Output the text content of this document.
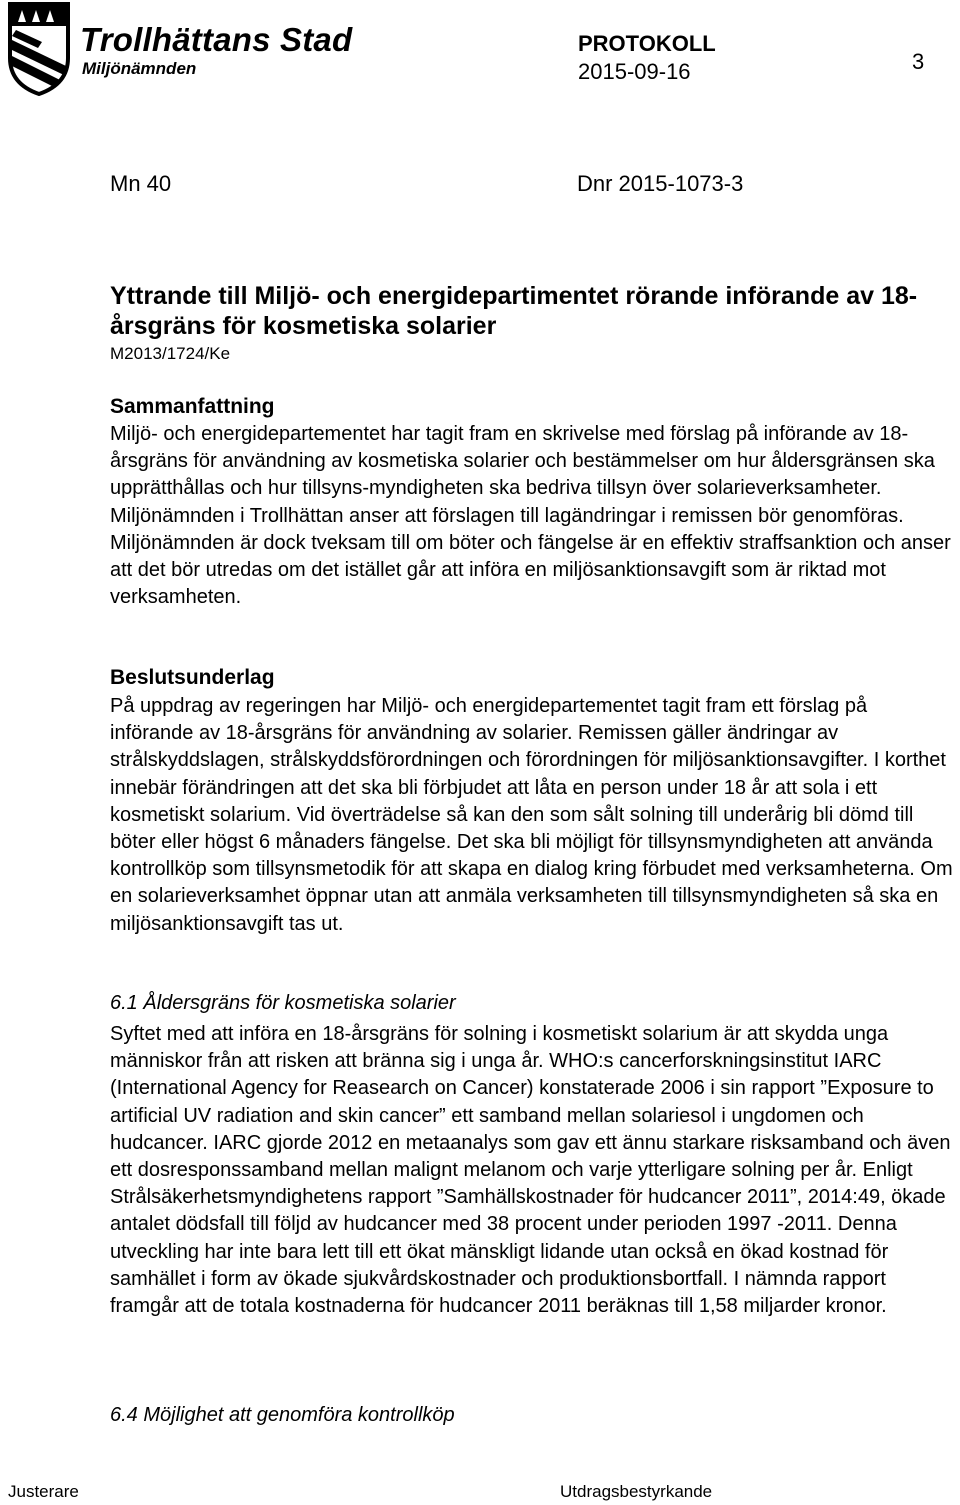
Trollhättans Stad
Miljönämnden
PROTOKOLL
2015-09-16	3
Mn 40	Dnr 2015-1073-3
Yttrande till Miljö- och energidepartimentet rörande införande av 18-årsgräns för kosmetiska solarier
M2013/1724/Ke
Sammanfattning
Miljö- och energidepartementet har tagit fram en skrivelse med förslag på införande av 18-årsgräns för användning av kosmetiska solarier och bestämmelser om hur åldersgränsen ska upprätthållas och hur tillsyns-myndigheten ska bedriva tillsyn över solarieverksamheter. Miljönämnden i Trollhättan anser att förslagen till lagändringar i remissen bör genomföras. Miljönämnden är dock tveksam till om böter och fängelse är en effektiv straffsanktion och anser att det bör utredas om det istället går att införa en miljösanktionsavgift som är riktad mot verksamheten.
Beslutsunderlag
På uppdrag av regeringen har Miljö- och energidepartementet tagit fram ett förslag på införande av 18-årsgräns för användning av solarier. Remissen gäller ändringar av strålskyddslagen, strålskyddsförordningen och förordningen för miljösanktionsavgifter. I korthet innebär förändringen att det ska bli förbjudet att låta en person under 18 år att sola i ett kosmetiskt solarium. Vid överträdelse så kan den som sålt solning till underårig bli dömd till böter eller högst 6 månaders fängelse. Det ska bli möjligt för tillsynsmyndigheten att använda kontrollköp som tillsynsmetodik för att skapa en dialog kring förbudet med verksamheterna. Om en solarieverksamhet öppnar utan att anmäla verksamheten till tillsynsmyndigheten så ska en miljösanktionsavgift tas ut.
6.1 Åldersgräns för kosmetiska solarier
Syftet med att införa en 18-årsgräns för solning i kosmetiskt solarium är att skydda unga människor från att risken att bränna sig i unga år. WHO:s cancerforskningsinstitut IARC (International Agency for Reasearch on Cancer) konstaterade 2006 i sin rapport ”Exposure to artificial UV radiation and skin cancer” ett samband mellan solariesol i ungdomen och hudcancer. IARC gjorde 2012 en metaanalys som gav ett ännu starkare risksamband och även ett dosresponssamband mellan malignt melanom och varje ytterligare solning per år. Enligt Strålsäkerhetsmyndighetens rapport ”Samhällskostnader för hudcancer 2011”, 2014:49, ökade antalet dödsfall till följd av hudcancer med 38 procent under perioden 1997 -2011. Denna utveckling har inte bara lett till ett ökat mänskligt lidande utan också en ökad kostnad för samhället i form av ökade sjukvårdskostnader och produktionsbortfall. I nämnda rapport framgår att de totala kostnaderna för hudcancer 2011 beräknas till 1,58 miljarder kronor.
6.4 Möjlighet att genomföra kontrollköp
Justerare	Utdragsbestyrkande
